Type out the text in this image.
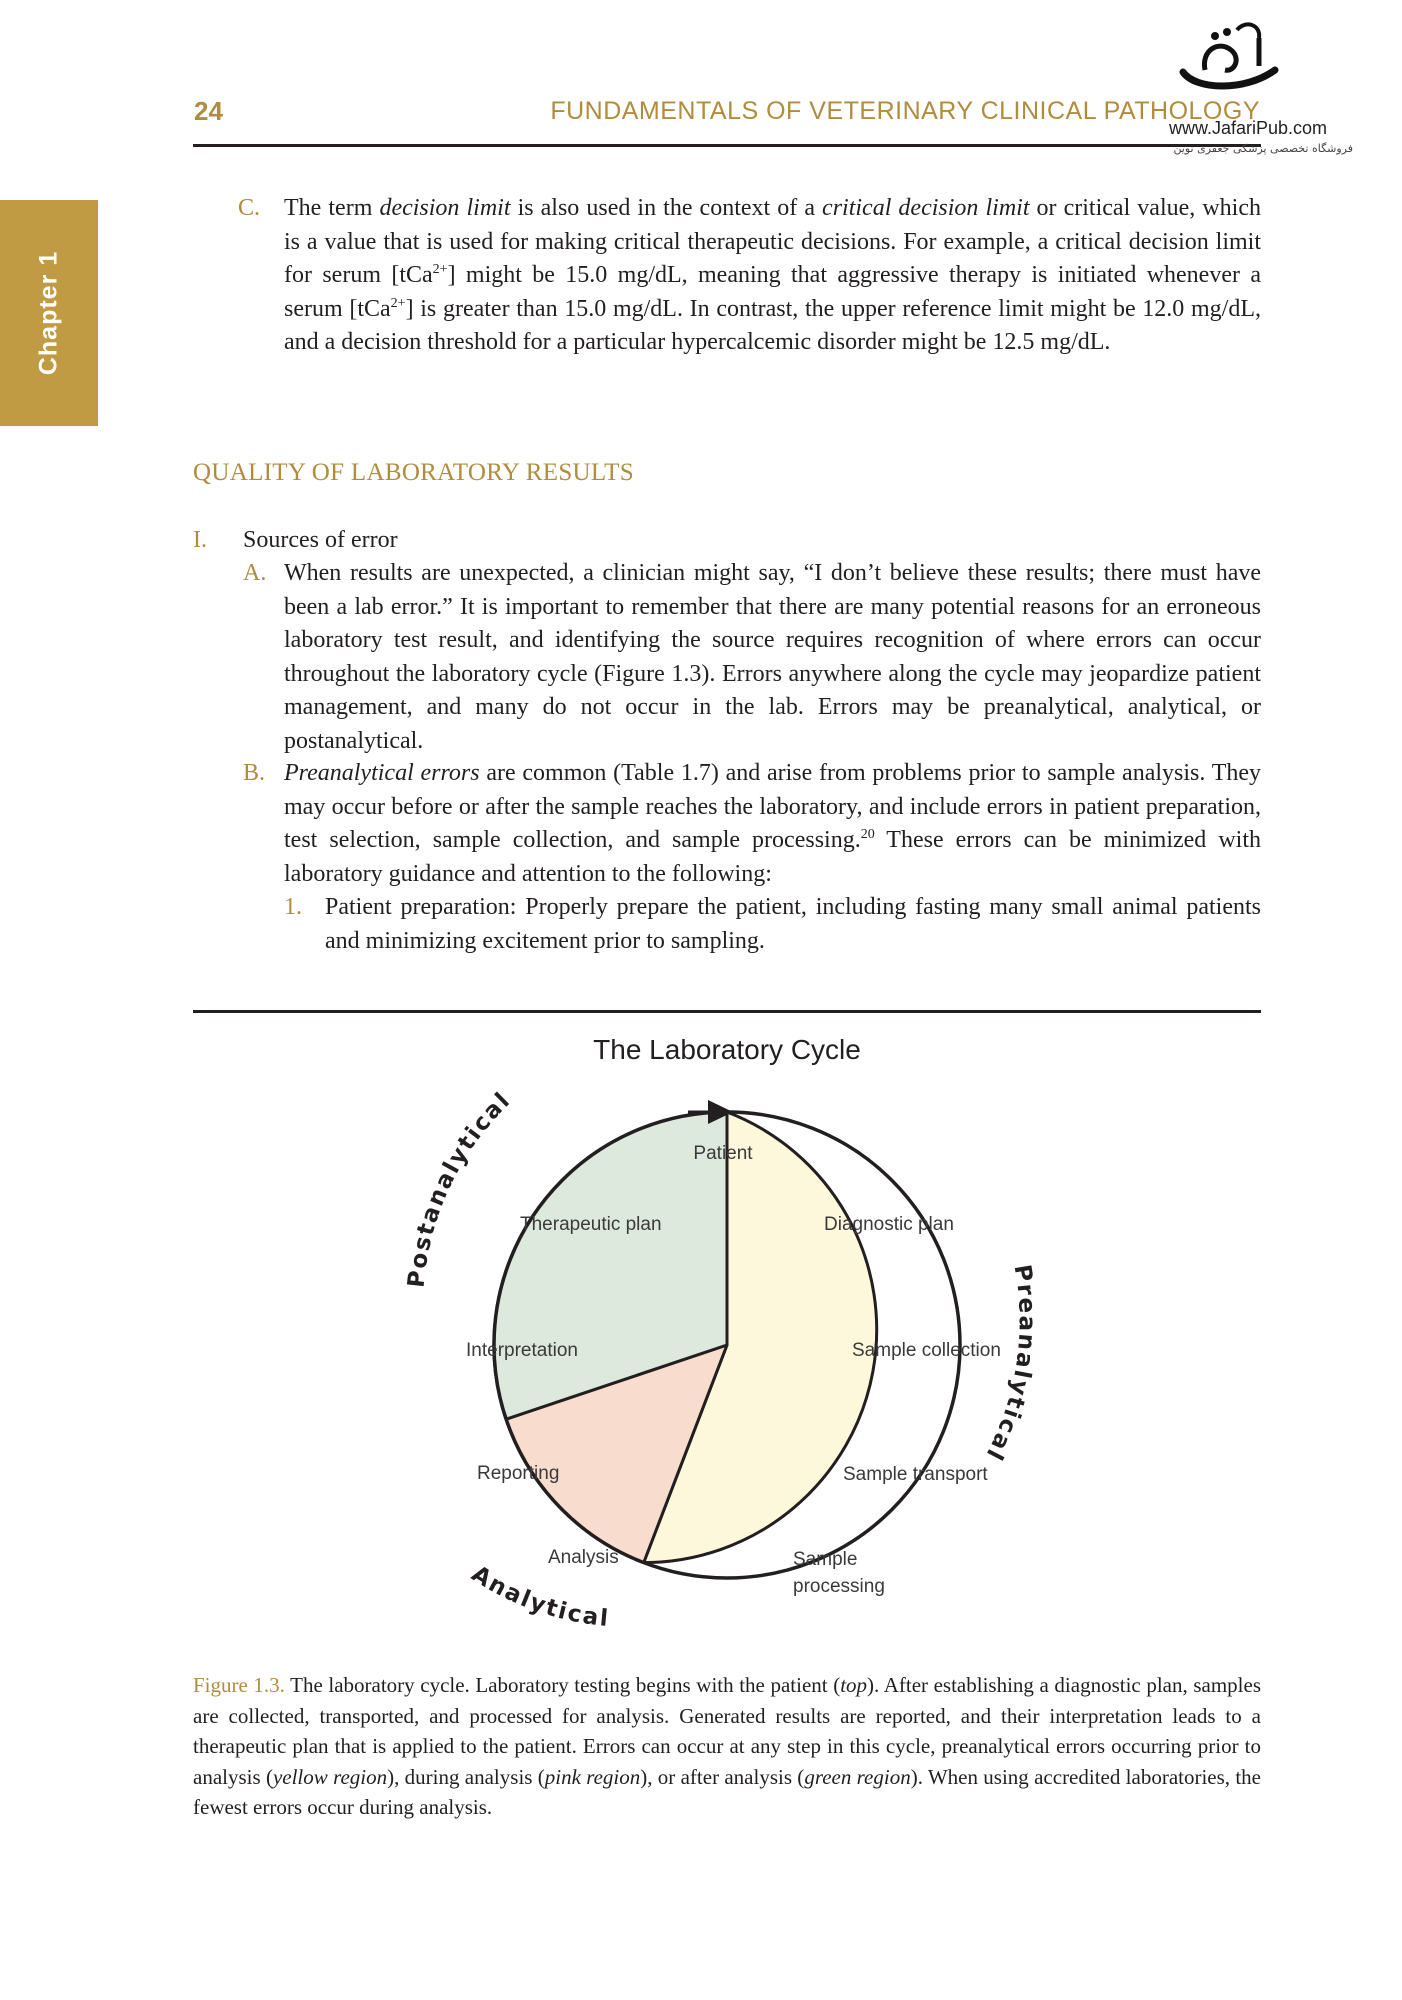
24	FUNDAMENTALS OF VETERINARY CLINICAL PATHOLOGY
www.JafariPub.com
فروشگاه تخصصی پزشکی جعفری نوین
Chapter 1
C. The term decision limit is also used in the context of a critical decision limit or critical value, which is a value that is used for making critical therapeutic decisions. For example, a critical decision limit for serum [tCa$^{2+}$] might be 15.0 mg/dL, meaning that aggressive therapy is initiated whenever a serum [tCa$^{2+}$] is greater than 15.0 mg/dL. In contrast, the upper reference limit might be 12.0 mg/dL, and a decision threshold for a particular hypercalcemic disorder might be 12.5 mg/dL.

QUALITY OF LABORATORY RESULTS
I. Sources of error
A. When results are unexpected, a clinician might say, “I don’t believe these results; there must have been a lab error.” It is important to remember that there are many potential reasons for an erroneous laboratory test result, and identifying the source requires recognition of where errors can occur throughout the laboratory cycle (Figure 1.3). Errors anywhere along the cycle may jeopardize patient management, and many do not occur in the lab. Errors may be preanalytical, analytical, or postanalytical.

B. Preanalytical errors are common (Table 1.7) and arise from problems prior to sample analysis. They may occur before or after the sample reaches the laboratory, and include errors in patient preparation, test selection, sample collection, and sample processing.$^{20}$ These errors can be minimized with laboratory guidance and attention to the following:

1. Patient preparation: Properly prepare the patient, including fasting many small animal patients and minimizing excitement prior to sampling.

The Laboratory Cycle
Patient
Diagnostic plan
Sample collection
Sample transport
Sample
processing
Analysis
Reporting
Interpretation
Therapeutic plan
Postanalytical
Preanalytical
Analytical

Figure 1.3. The laboratory cycle. Laboratory testing begins with the patient (top). After establishing a diagnostic plan, samples are collected, transported, and processed for analysis. Generated results are reported, and their interpretation leads to a therapeutic plan that is applied to the patient. Errors can occur at any step in this cycle, preanalytical errors occurring prior to analysis (yellow region), during analysis (pink region), or after analysis (green region). When using accredited laboratories, the fewest errors occur during analysis.
